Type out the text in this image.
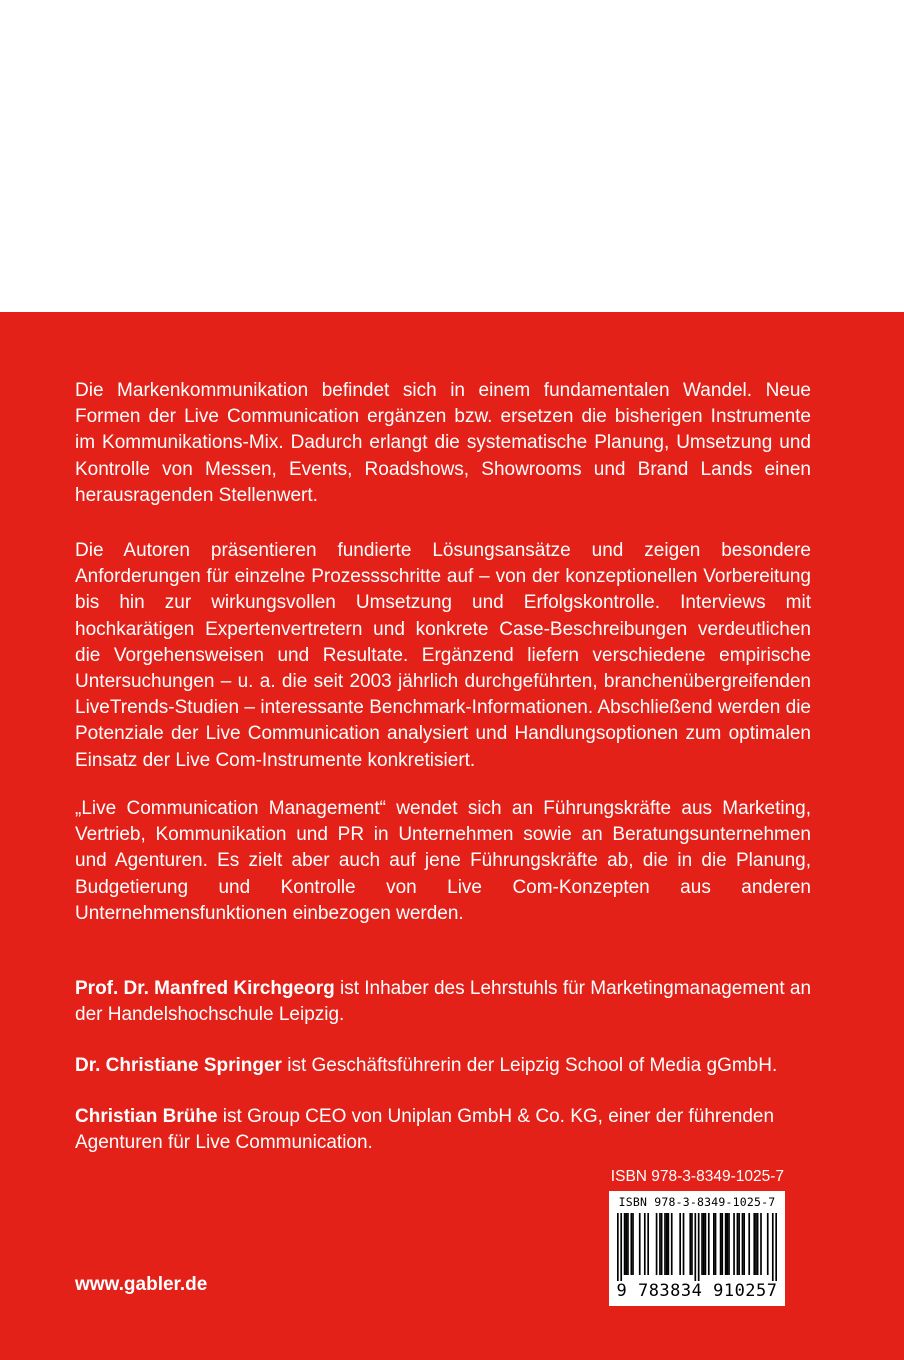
Die Markenkommunikation befindet sich in einem fundamentalen Wandel. Neue Formen der Live Communication ergänzen bzw. ersetzen die bisherigen Instrumente im Kommunikations-Mix. Dadurch erlangt die systematische Planung, Umsetzung und Kontrolle von Messen, Events, Roadshows, Showrooms und Brand Lands einen herausragenden Stellenwert.

Die Autoren präsentieren fundierte Lösungsansätze und zeigen besondere Anforderungen für einzelne Prozessschritte auf – von der konzeptionellen Vorbereitung bis hin zur wirkungsvollen Umsetzung und Erfolgskontrolle. Interviews mit hochkarätigen Expertenvertretern und konkrete Case-Beschreibungen verdeutlichen die Vorgehensweisen und Resultate. Ergänzend liefern verschiedene empirische Untersuchungen – u. a. die seit 2003 jährlich durchgeführten, branchenübergreifenden LiveTrends-Studien – interessante Benchmark-Informationen. Abschließend werden die Potenziale der Live Communication analysiert und Handlungsoptionen zum optimalen Einsatz der Live Com-Instrumente konkretisiert.

„Live Communication Management“ wendet sich an Führungskräfte aus Marketing, Vertrieb, Kommunikation und PR in Unternehmen sowie an Beratungsunternehmen und Agenturen. Es zielt aber auch auf jene Führungskräfte ab, die in die Planung, Budgetierung und Kontrolle von Live Com-Konzepten aus anderen Unternehmensfunktionen einbezogen werden.

Prof. Dr. Manfred Kirchgeorg ist Inhaber des Lehrstuhls für Marketingmanagement an der Handelshochschule Leipzig.

Dr. Christiane Springer ist Geschäftsführerin der Leipzig School of Media gGmbH.

Christian Brühe ist Group CEO von Uniplan GmbH & Co. KG, einer der führenden Agenturen für Live Communication.

ISBN 978-3-8349-1025-7
ISBN 978-3-8349-1025-7
9 783834 910257
www.gabler.de
